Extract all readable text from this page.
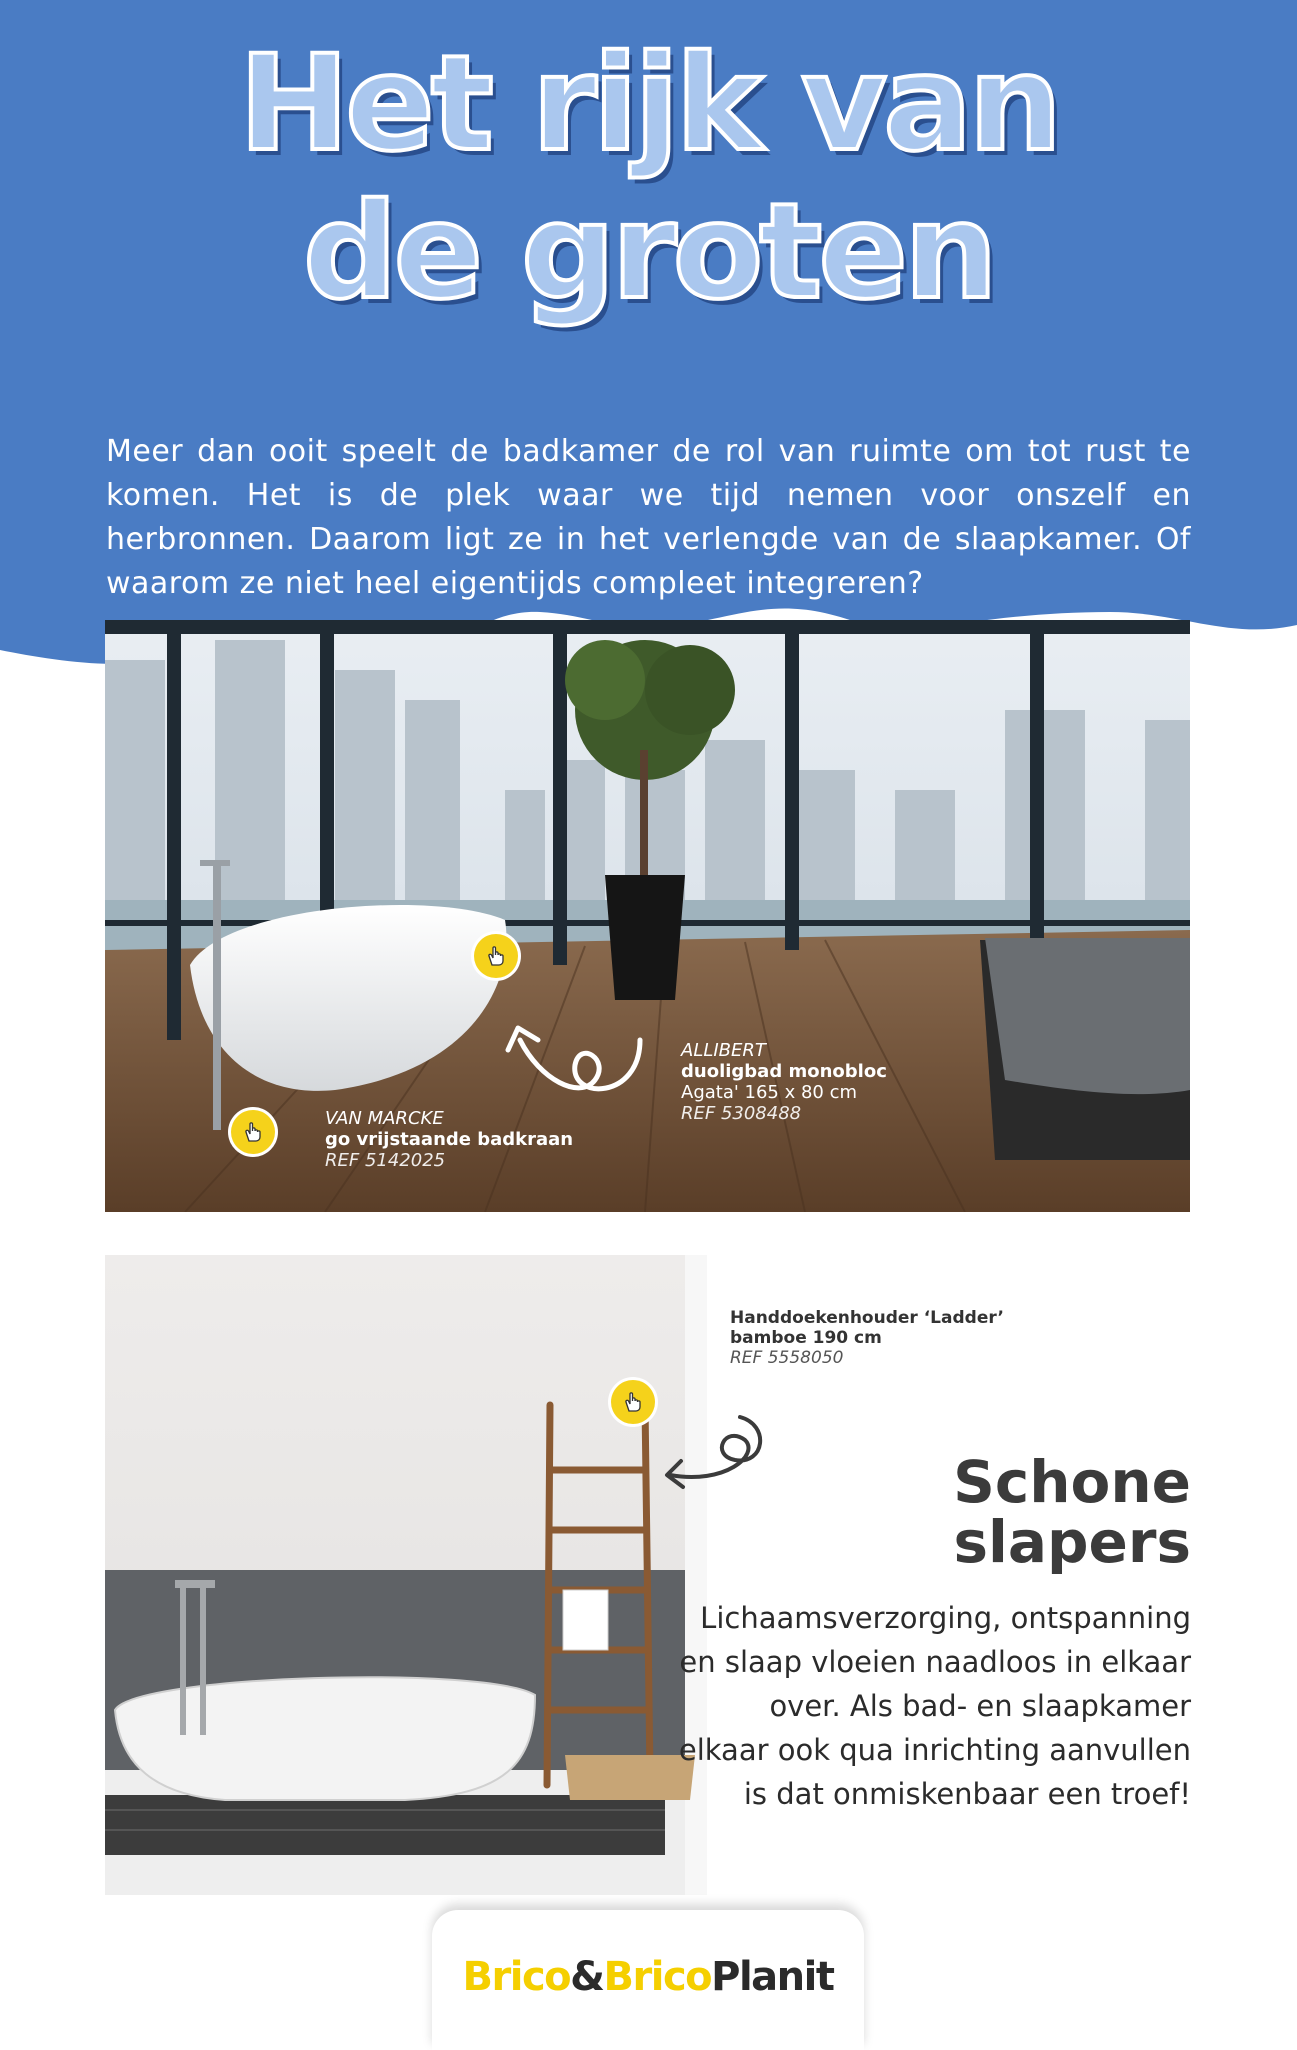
Het rijk van
de groten

Meer dan ooit speelt de badkamer de rol van ruimte om tot rust te komen. Het is de plek waar we tijd nemen voor onszelf en herbronnen. Daarom ligt ze in het verlengde van de slaapkamer. Of waarom ze niet heel eigentijds compleet integreren?

VAN MARCKE
go vrijstaande badkraan
REF 5142025
ALLIBERT
duoligbad monobloc
Agata' 165 x 80 cm
REF 5308488
Handdoekenhouder ‘Ladder’
bamboe 190 cm
REF 5558050
Schone
slapers

Lichaamsverzorging, ontspanning en slaap vloeien naadloos in elkaar over. Als bad- en slaapkamer elkaar ook qua inrichting aanvullen is dat onmiskenbaar een troef!

Brico&BricoPlanit
